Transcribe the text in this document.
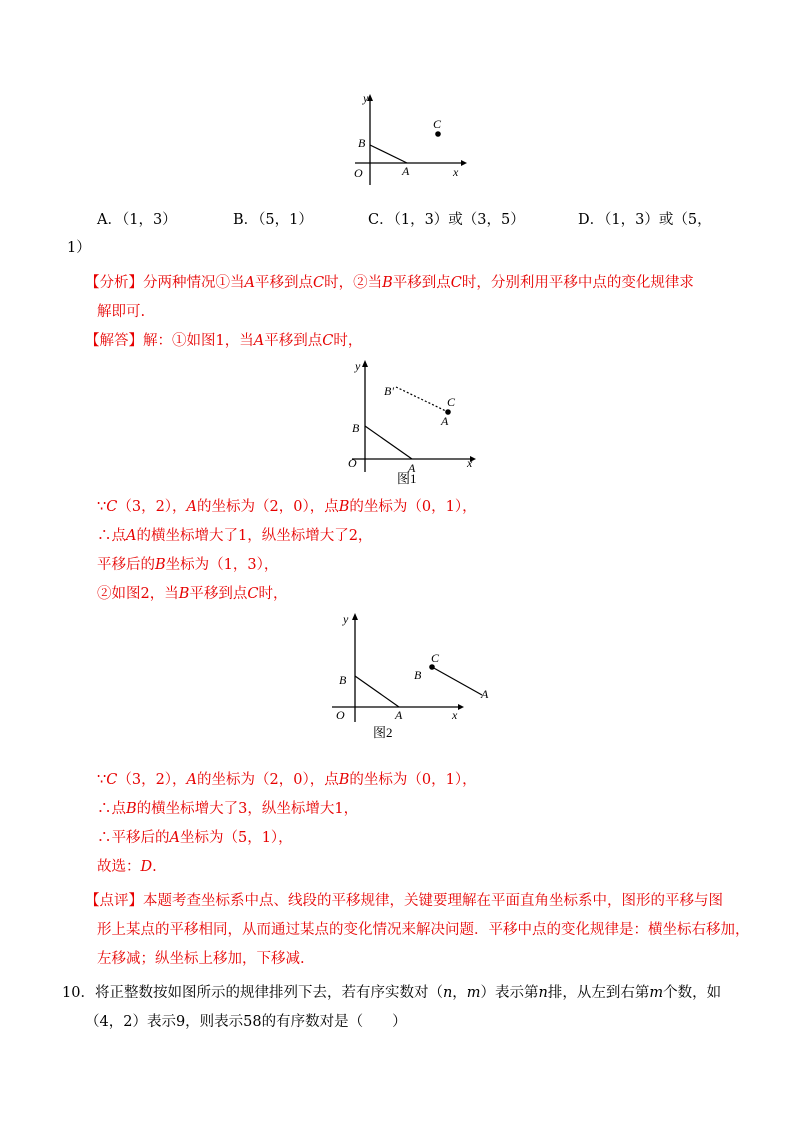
y
x
O	A
B
C
A．（1，3）	B．（5，1）	C．（1，3）或（3，5）	D．（1，3）或（5，
1）
【分析】分两种情况①当A平移到点C时，②当B平移到点C时，分别利用平移中点的变化规律求
解即可.
【解答】解：①如图1，当A平移到点C时，
y
x
O	A
B
B'
C
A
图1
∵C（3，2），A的坐标为（2，0），点B的坐标为（0，1），
∴点A的横坐标增大了1，纵坐标增大了2，
平移后的B坐标为（1，3），
②如图2，当B平移到点C时，
y
x
O	A
B	B
C
A
图2
∵C（3，2），A的坐标为（2，0），点B的坐标为（0，1），
∴点B的横坐标增大了3，纵坐标增大1，
∴平移后的A坐标为（5，1），
故选：D.
【点评】本题考查坐标系中点、线段的平移规律，关键要理解在平面直角坐标系中，图形的平移与图
形上某点的平移相同，从而通过某点的变化情况来解决问题．平移中点的变化规律是：横坐标右移加，
左移减；纵坐标上移加，下移减.
10．将正整数按如图所示的规律排列下去，若有序实数对（n，m）表示第n排，从左到右第m个数，如
（4，2）表示9，则表示58的有序数对是（　　）
